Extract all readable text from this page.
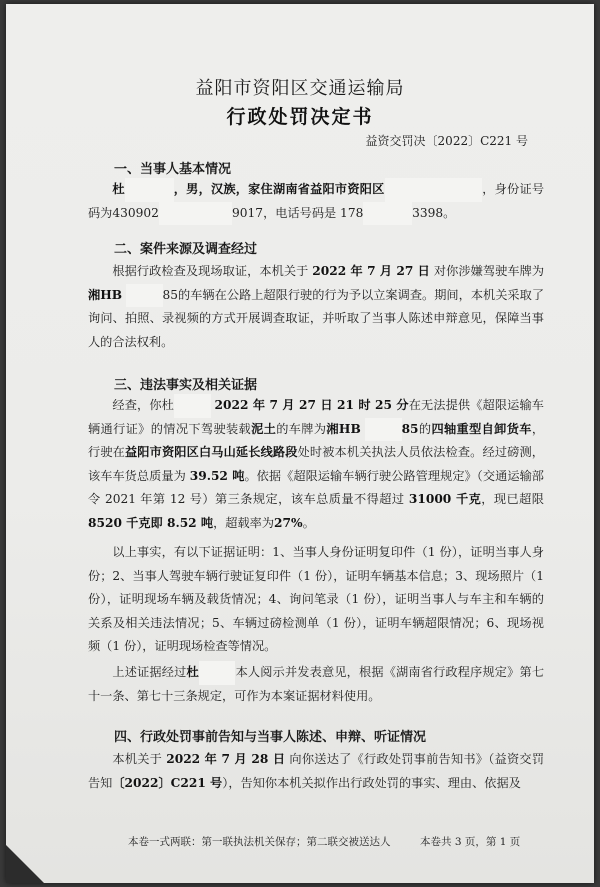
益阳市资阳区交通运输局
行政处罚决定书
益资交罚决〔2022〕C221 号
一、当事人基本情况

杜	，男，汉族，家住湖南省益阳市资阳区	，身份证号码为430902	9017，电话号码是 178	3398。

二、案件来源及调查经过

根据行政检查及现场取证，本机关于 2022 年 7 月 27 日 对你涉嫌驾驶车牌为湘HB	85的车辆在公路上超限行驶的行为予以立案调查。期间，本机关采取了询问、拍照、录视频的方式开展调查取证，并听取了当事人陈述申辩意见，保障当事人的合法权利。

三、违法事实及相关证据

经查，你杜	2022 年 7 月 27 日 21 时 25 分在无法提供《超限运输车辆通行证》的情况下驾驶装载泥土的车牌为湘HB	85的四轴重型自卸货车，行驶在益阳市资阳区白马山延长线路段处时被本机关执法人员依法检查。经过磅测，该车车货总质量为 39.52 吨。依据《超限运输车辆行驶公路管理规定》（交通运输部令 2021 年第 12 号）第三条规定，该车总质量不得超过 31000 千克，现已超限8520 千克即 8.52 吨，超载率为27%。

以上事实，有以下证据证明：1、当事人身份证明复印件（1 份），证明当事人身份；2、当事人驾驶车辆行驶证复印件（1 份），证明车辆基本信息；3、现场照片（1 份），证明现场车辆及载货情况；4、询问笔录（1 份），证明当事人与车主和车辆的关系及相关违法情况；5、车辆过磅检测单（1 份），证明车辆超限情况；6、现场视频（1 份），证明现场检查等情况。

上述证据经过杜	本人阅示并发表意见，根据《湖南省行政程序规定》第七十一条、第七十三条规定，可作为本案证据材料使用。

四、行政处罚事前告知与当事人陈述、申辩、听证情况

本机关于 2022 年 7 月 28 日 向你送达了《行政处罚事前告知书》（益资交罚告知〔2022〕C221 号），告知你本机关拟作出行政处罚的事实、理由、依据及

本卷一式两联：第一联执法机关保存；第二联交被送达人	本卷共 3 页，第 1 页
